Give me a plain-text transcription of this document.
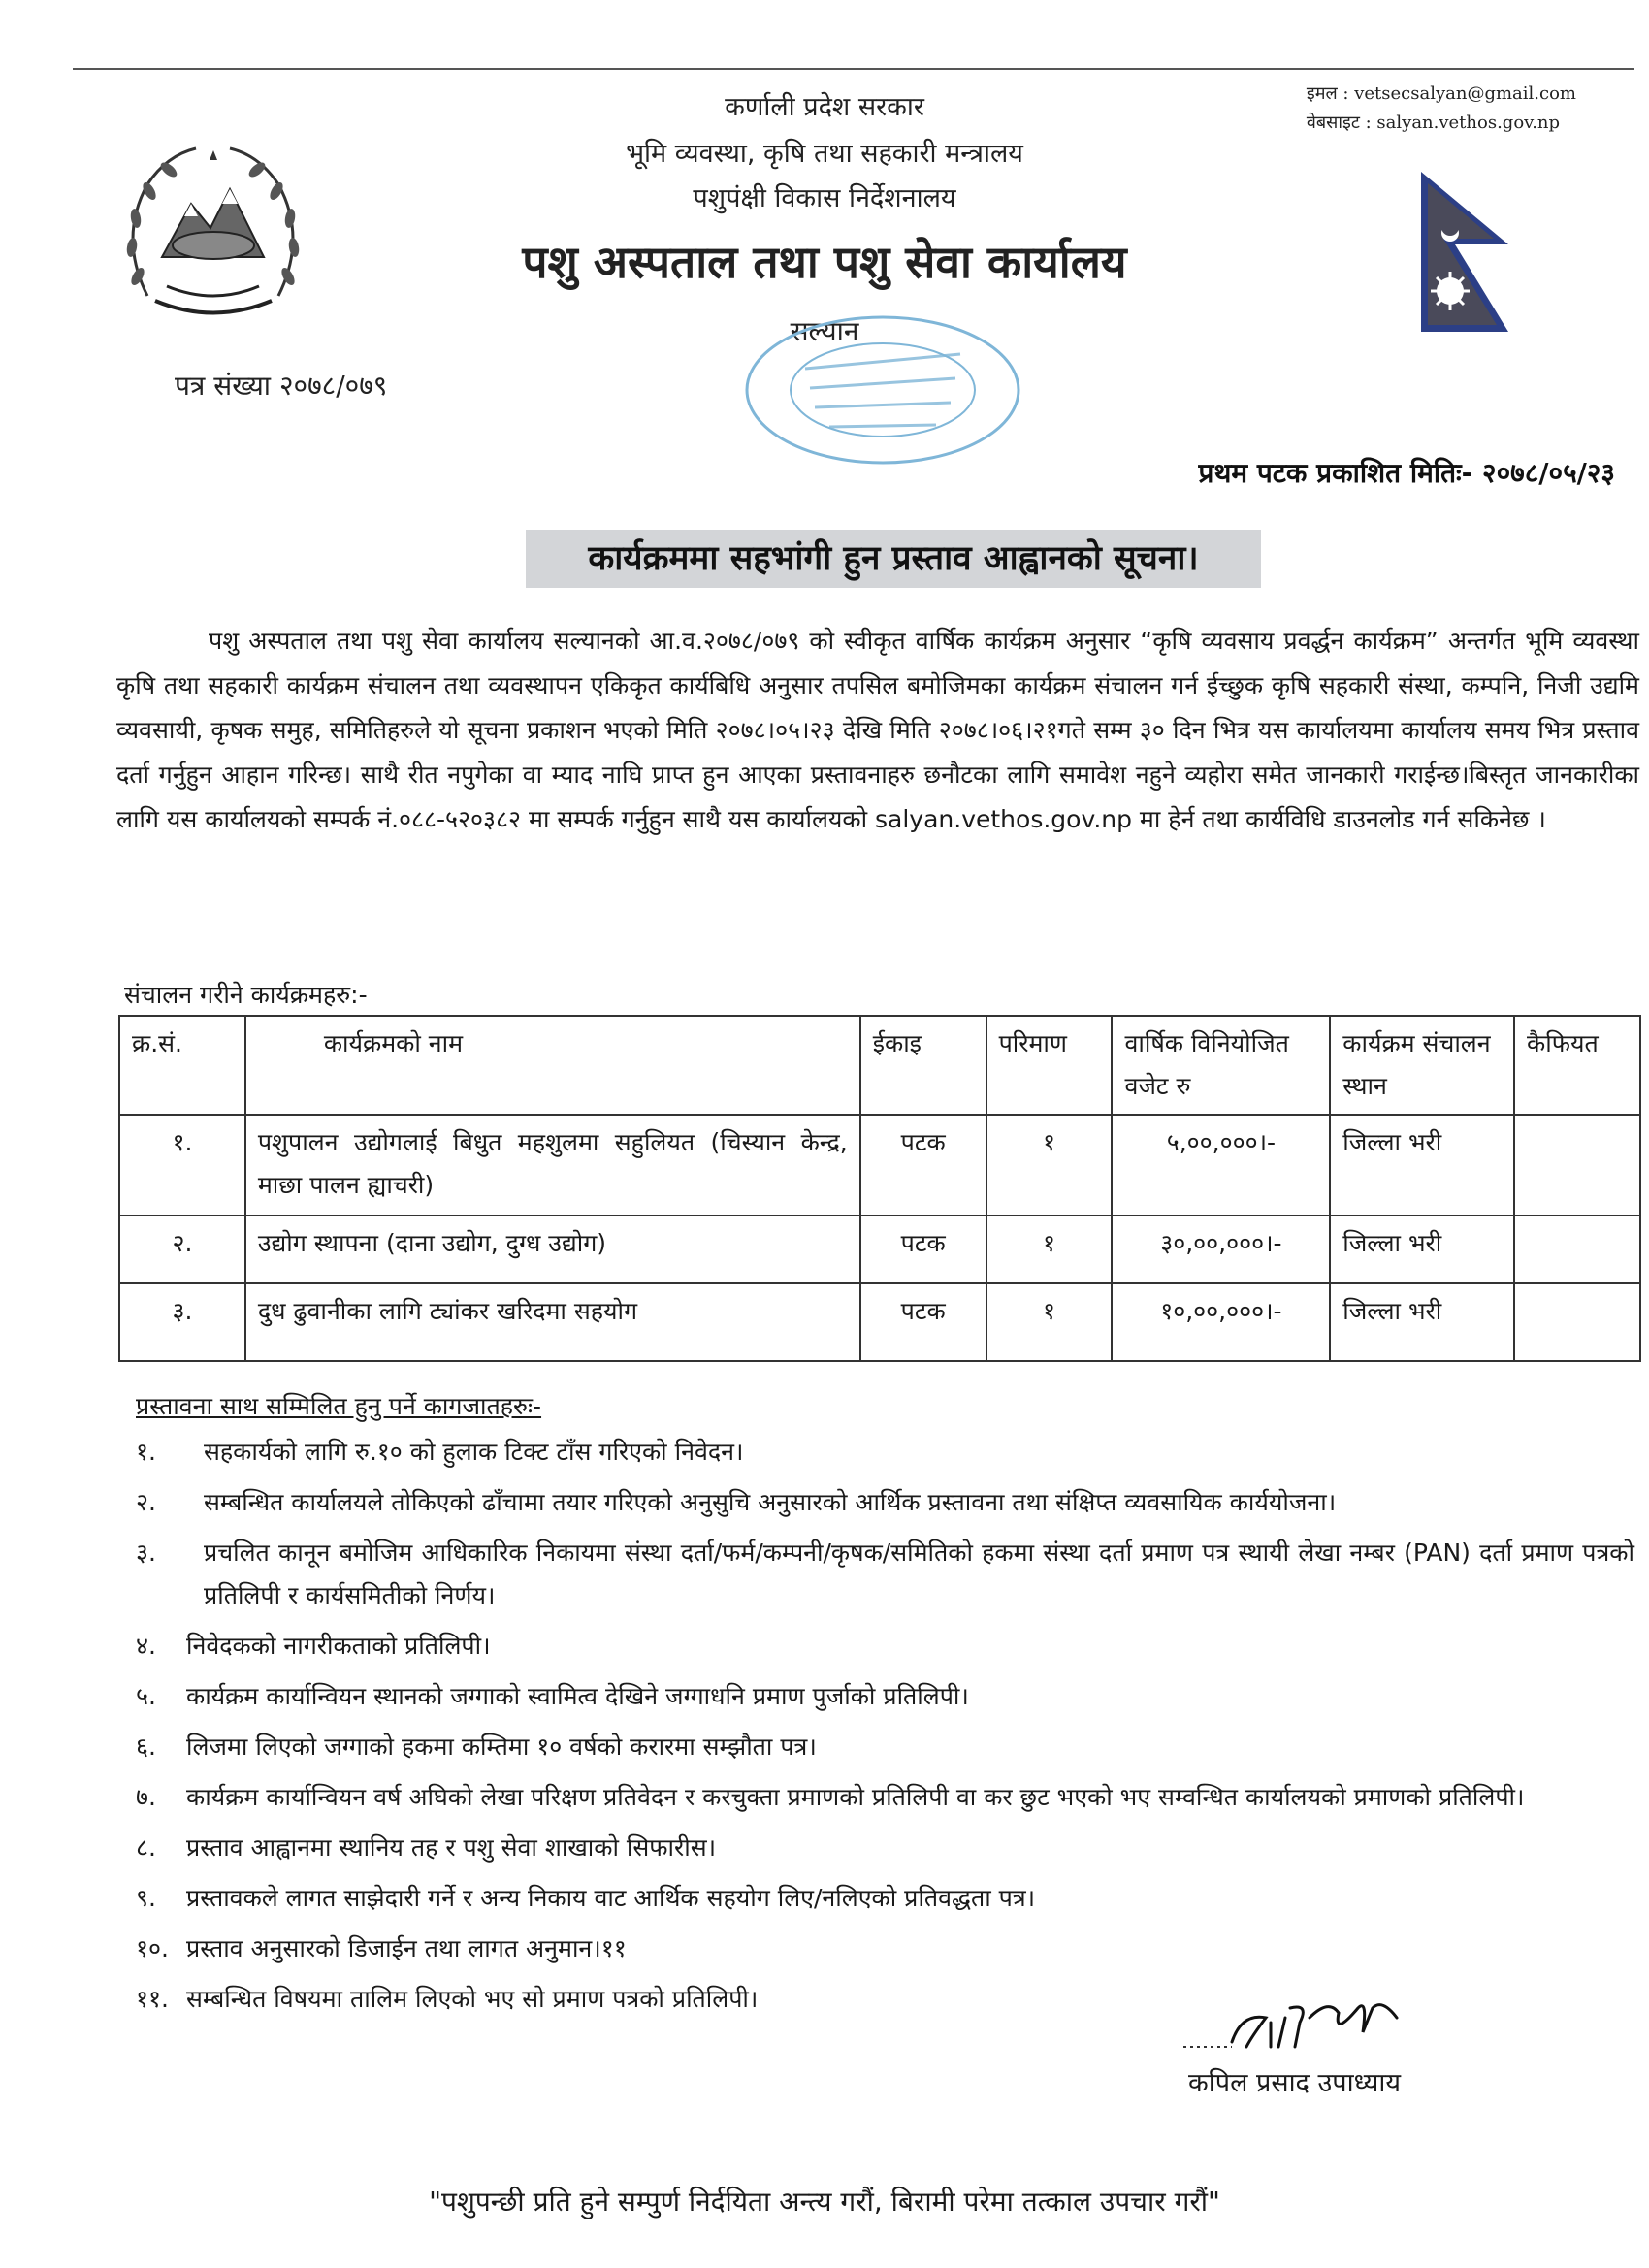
इमल : vetsecsalyan@gmail.com
वेबसाइट : salyan.vethos.gov.np
कर्णाली प्रदेश सरकार
भूमि व्यवस्था, कृषि तथा सहकारी मन्त्रालय
पशुपंक्षी विकास निर्देशनालय
पशु अस्पताल तथा पशु सेवा कार्यालय
सल्यान
पत्र संख्या २०७८/०७९
प्रथम पटक प्रकाशित मितिः- २०७८/०५/२३
कार्यक्रममा सहभांगी हुन प्रस्ताव आह्वानको सूचना।
पशु अस्पताल तथा पशु सेवा कार्यालय सल्यानको आ.व.२०७८/०७९ को स्वीकृत वार्षिक कार्यक्रम अनुसार “कृषि व्यवसाय प्रवर्द्धन कार्यक्रम” अन्तर्गत भूमि व्यवस्था कृषि तथा सहकारी कार्यक्रम संचालन तथा व्यवस्थापन एकिकृत कार्यबिधि अनुसार तपसिल बमोजिमका कार्यक्रम संचालन गर्न ईच्छुक कृषि सहकारी संस्था, कम्पनि, निजी उद्यमि व्यवसायी, कृषक समुह, समितिहरुले यो सूचना प्रकाशन भएको मिति २०७८।०५।२३ देखि मिति २०७८।०६।२१गते सम्म ३० दिन भित्र यस कार्यालयमा कार्यालय समय भित्र प्रस्ताव दर्ता गर्नुहुन आहान गरिन्छ। साथै रीत नपुगेका वा म्याद नाघि प्राप्त हुन आएका प्रस्तावनाहरु छनौटका लागि समावेश नहुने व्यहोरा समेत जानकारी गराईन्छ।बिस्तृत जानकारीका लागि यस कार्यालयको सम्पर्क नं.०८८-५२०३८२ मा सम्पर्क गर्नुहुन साथै यस कार्यालयको salyan.vethos.gov.np मा हेर्न तथा कार्यविधि डाउनलोड गर्न सकिनेछ ।
संचालन गरीने कार्यक्रमहरु:-
क्र.सं.	कार्यक्रमको नाम	ईकाइ	परिमाण	वार्षिक विनियोजित वजेट रु	कार्यक्रम संचालन स्थान	कैफियत
१.	पशुपालन उद्योगलाई बिधुत महशुलमा सहुलियत (चिस्यान केन्द्र, माछा पालन ह्याचरी)	पटक	१	५,००,०००।-	जिल्ला भरी	
२.	उद्योग स्थापना (दाना उद्योग, दुग्ध उद्योग)	पटक	१	३०,००,०००।-	जिल्ला भरी	
३.	दुध ढुवानीका लागि ट्यांकर खरिदमा सहयोग	पटक	१	१०,००,०००।-	जिल्ला भरी	
प्रस्तावना साथ सम्मिलित हुनु पर्ने कागजातहरुः-
१.	सहकार्यको लागि रु.१० को हुलाक टिक्ट टाँस गरिएको निवेदन।
२.	सम्बन्धित कार्यालयले तोकिएको ढाँचामा तयार गरिएको अनुसुचि अनुसारको आर्थिक प्रस्तावना तथा संक्षिप्त व्यवसायिक कार्ययोजना।
३.	प्रचलित कानून बमोजिम आधिकारिक निकायमा संस्था दर्ता/फर्म/कम्पनी/कृषक/समितिको हकमा संस्था दर्ता प्रमाण पत्र स्थायी लेखा नम्बर (PAN) दर्ता प्रमाण पत्रको प्रतिलिपी र कार्यसमितीको निर्णय।
४.	निवेदकको नागरीकताको प्रतिलिपी।
५.	कार्यक्रम कार्यान्वियन स्थानको जग्गाको स्वामित्व देखिने जग्गाधनि प्रमाण पुर्जाको प्रतिलिपी।
६.	लिजमा लिएको जग्गाको हकमा कम्तिमा १० वर्षको करारमा सम्झौता पत्र।
७.	कार्यक्रम कार्यान्वियन वर्ष अघिको लेखा परिक्षण प्रतिवेदन र करचुक्ता प्रमाणको प्रतिलिपी वा कर छुट भएको भए सम्वन्धित कार्यालयको प्रमाणको प्रतिलिपी।
८.	प्रस्ताव आह्वानमा स्थानिय तह र पशु सेवा शाखाको सिफारीस।
९.	प्रस्तावकले लागत साझेदारी गर्ने र अन्य निकाय वाट आर्थिक सहयोग लिए/नलिएको प्रतिवद्धता पत्र।
१०. प्रस्ताव अनुसारको डिजाईन तथा लागत अनुमान।११
११. सम्बन्धित विषयमा तालिम लिएको भए सो प्रमाण पत्रको प्रतिलिपी।
कपिल प्रसाद उपाध्याय
"पशुपन्छी प्रति हुने सम्पुर्ण निर्दयिता अन्त्य गरौं, बिरामी परेमा तत्काल उपचार गरौं"
